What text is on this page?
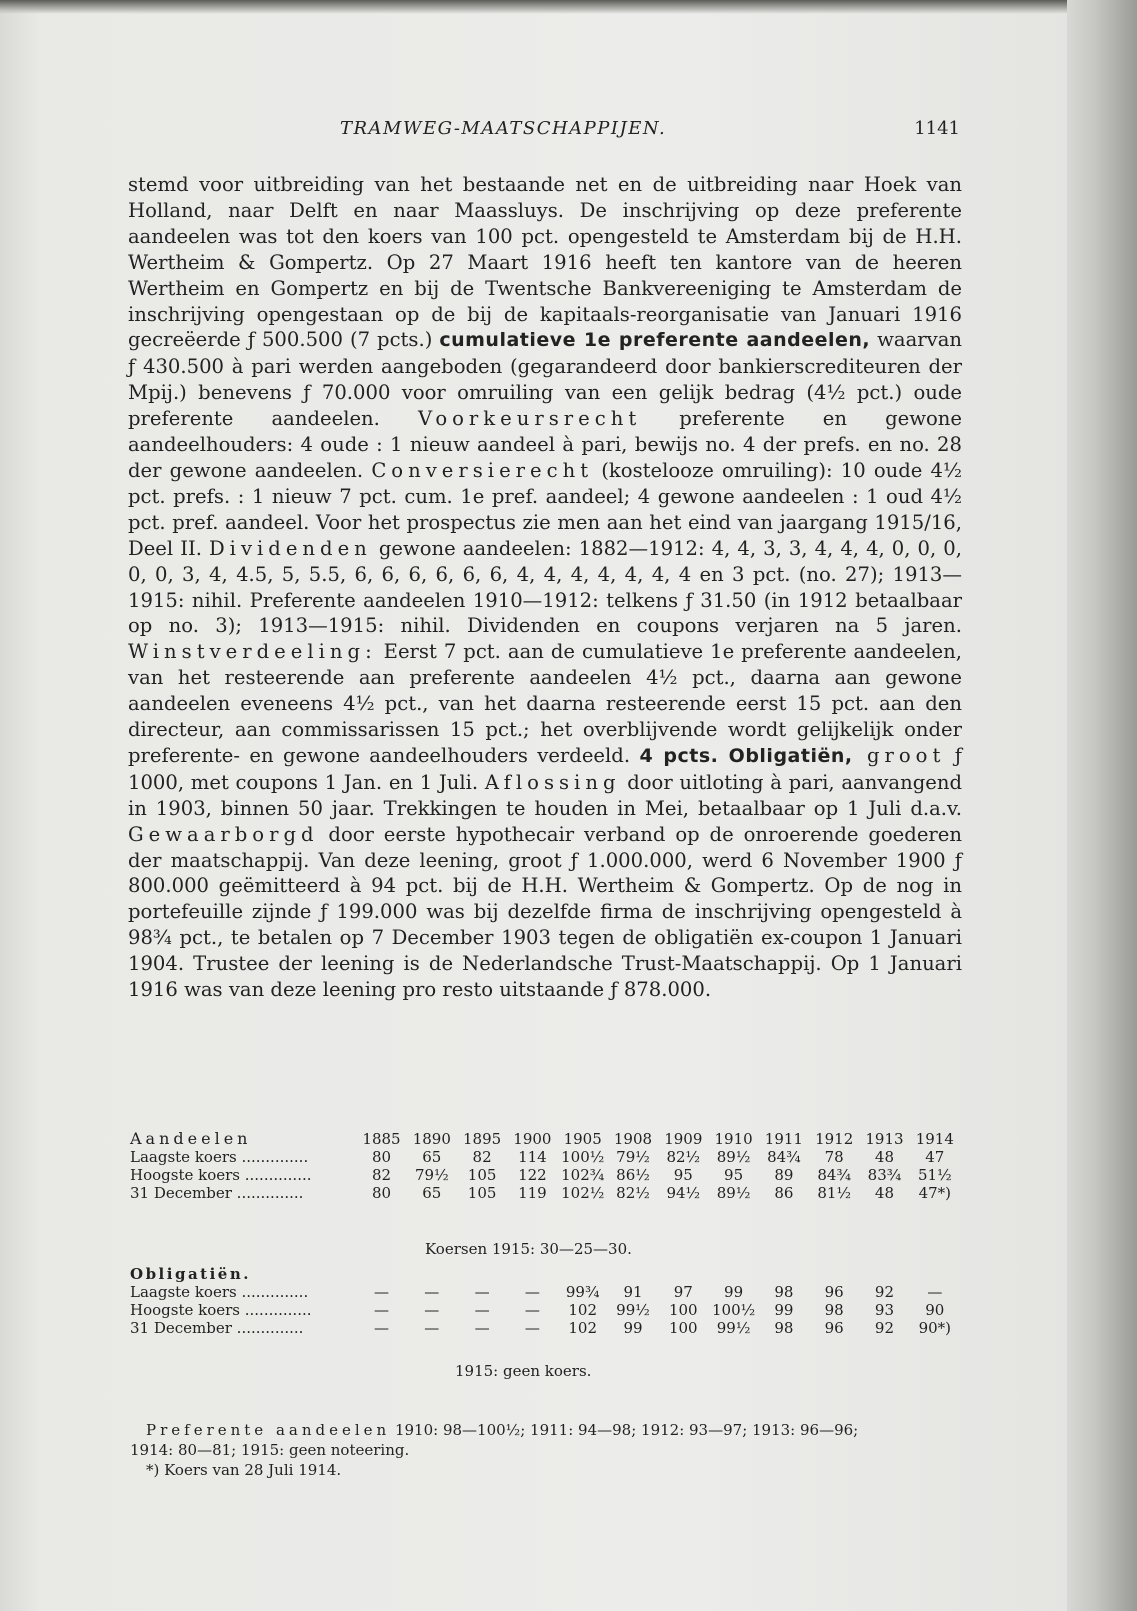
TRAMWEG-MAATSCHAPPIJEN.	1141

stemd voor uitbreiding van het bestaande net en de uitbreiding naar Hoek van Holland, naar Delft en naar Maassluys. De inschrijving op deze preferente aandeelen was tot den koers van 100 pct. opengesteld te Amsterdam bij de H.H. Wertheim & Gompertz. Op 27 Maart 1916 heeft ten kantore van de heeren Wertheim en Gompertz en bij de Twentsche Bankvereeniging te Amsterdam de inschrijving opengestaan op de bij de kapitaals-reorganisatie van Januari 1916 gecreëerde ƒ 500.500 (7 pcts.) cumulatieve 1e preferente aandeelen, waarvan ƒ 430.500 à pari werden aangeboden (gegarandeerd door bankierscrediteuren der Mpij.) benevens ƒ 70.000 voor omruiling van een gelijk bedrag (4½ pct.) oude preferente aandeelen. Voorkeursrecht preferente en gewone aandeelhouders: 4 oude : 1 nieuw aandeel à pari, bewijs no. 4 der prefs. en no. 28 der gewone aandeelen. Conversierecht (kostelooze omruiling): 10 oude 4½ pct. prefs. : 1 nieuw 7 pct. cum. 1e pref. aandeel; 4 gewone aandeelen : 1 oud 4½ pct. pref. aandeel. Voor het prospectus zie men aan het eind van jaargang 1915/16, Deel II. Dividenden gewone aandeelen: 1882—1912: 4, 4, 3, 3, 4, 4, 4, 0, 0, 0, 0, 0, 3, 4, 4.5, 5, 5.5, 6, 6, 6, 6, 6, 6, 4, 4, 4, 4, 4, 4, 4 en 3 pct. (no. 27); 1913—1915: nihil. Preferente aandeelen 1910—1912: telkens ƒ 31.50 (in 1912 betaalbaar op no. 3); 1913—1915: nihil. Dividenden en coupons verjaren na 5 jaren. Winstverdeeling: Eerst 7 pct. aan de cumulatieve 1e preferente aandeelen, van het resteerende aan preferente aandeelen 4½ pct., daarna aan gewone aandeelen eveneens 4½ pct., van het daarna resteerende eerst 15 pct. aan den directeur, aan commissarissen 15 pct.; het overblijvende wordt gelijkelijk onder preferente- en gewone aandeelhouders verdeeld. 4 pcts. Obligatiën, groot ƒ 1000, met coupons 1 Jan. en 1 Juli. Aflossing door uitloting à pari, aanvangend in 1903, binnen 50 jaar. Trekkingen te houden in Mei, betaalbaar op 1 Juli d.a.v. Gewaarborgd door eerste hypothecair verband op de onroerende goederen der maatschappij. Van deze leening, groot ƒ 1.000.000, werd 6 November 1900 ƒ 800.000 geëmitteerd à 94 pct. bij de H.H. Wertheim & Gompertz. Op de nog in portefeuille zijnde ƒ 199.000 was bij dezelfde firma de inschrijving opengesteld à 98¾ pct., te betalen op 7 December 1903 tegen de obligatiën ex-coupon 1 Januari 1904. Trustee der leening is de Nederlandsche Trust-Maatschappij. Op 1 Januari 1916 was van deze leening pro resto uitstaande ƒ 878.000.

Aandeelen	1885	1890	1895	1900	1905	1908	1909	1910	1911	1912	1913	1914
Laagste koers ..............	80	65	82	114	100½	79½	82½	89½	84¾	78	48	47
Hoogste koers ..............	82	79½	105	122	102¾	86½	95	95	89	84¾	83¾	51½
31 December ..............	80	65	105	119	102½	82½	94½	89½	86	81½	48	47*)
Koersen 1915: 30—25—30.
Obligatiën.												
Laagste koers ..............	—	—	—	—	99¾	91	97	99	98	96	92	—
Hoogste koers ..............	—	—	—	—	102	99½	100	100½	99	98	93	90
31 December ..............	—	—	—	—	102	99	100	99½	98	96	92	90*)
1915: geen koers.
Preferente aandeelen 1910: 98—100½; 1911: 94—98; 1912: 93—97; 1913: 96—96;
1914: 80—81; 1915: geen noteering.
*) Koers van 28 Juli 1914.
